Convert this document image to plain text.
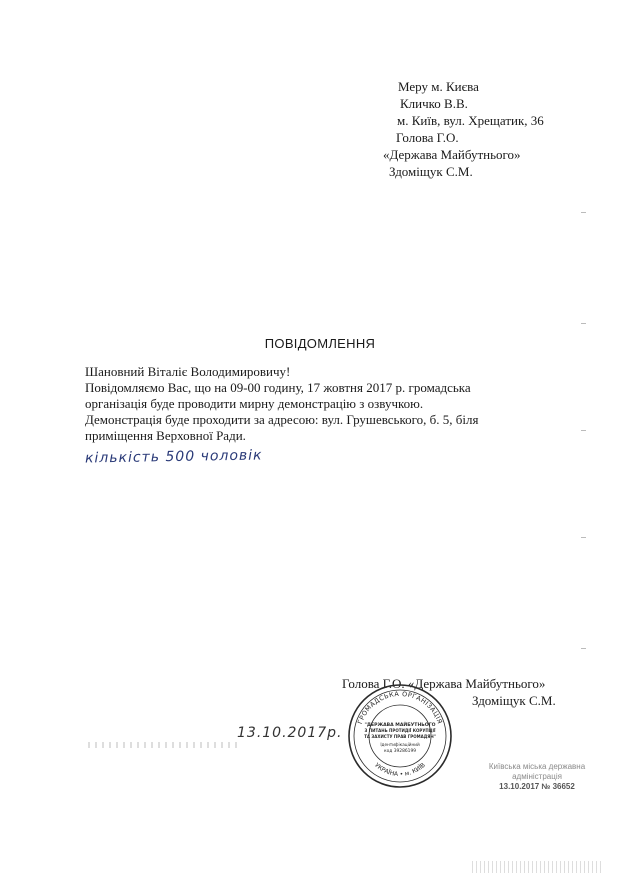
Меру м. Києва
Кличко В.В.
м. Київ, вул. Хрещатик, 36
Голова Г.О.
«Держава Майбутнього»
Здоміщук С.М.
ПОВІДОМЛЕННЯ
Шановний Віталіє Володимировичу!
Повідомляємо Вас, що на 09-00 годину, 17 жовтня 2017 р. громадська
організація буде проводити мирну демонстрацію з озвучкою.
Демонстрація буде проходити за адресою: вул. Грушевського, б. 5, біля
приміщення Верховної Ради.
кількість 500 чоловік
Голова Г.О. «Держава Майбутнього»
Здоміщук С.М.
13.10.2017р.
ГРОМАДСЬКА ОРГАНІЗАЦІЯ
УКРАЇНА • м. КИЇВ
"ДЕРЖАВА МАЙБУТНЬОГО
З ПИТАНЬ ПРОТИДІЇ КОРУПЦІЇ
ТА ЗАХИСТУ ПРАВ ГРОМАДЯН"
Ідентифікаційний
код 39286199
Київська міська державна
адміністрація
13.10.2017 № 36652
